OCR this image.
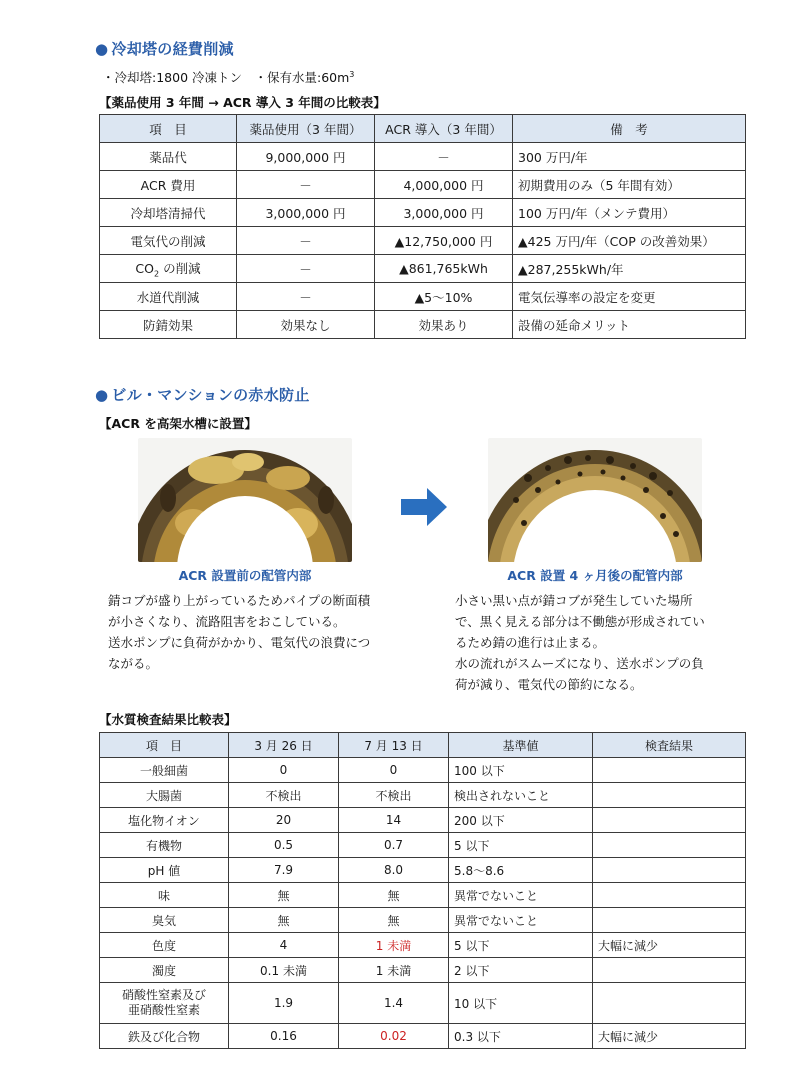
● 冷却塔の経費削減
・冷却塔:1800 冷凍トン　・保有水量$:60m^3$
【薬品使用 3 年間 → ACR 導入 3 年間の比較表】
項　目	薬品使用（3 年間）	ACR 導入（3 年間）	備　考
薬品代	9,000,000 円	－	300 万円/年
ACR 費用	－	4,000,000 円	初期費用のみ（5 年間有効）
冷却塔清掃代	3,000,000 円	3,000,000 円	100 万円/年（メンテ費用）
電気代の削減	－	▲12,750,000 円	▲425 万円/年（COP の改善効果）
$CO_2$ の削減	－	▲861,765kWh	▲287,255kWh/年
水道代削減	－	▲5～10%	電気伝導率の設定を変更
防錆効果	効果なし	効果あり	設備の延命メリット
● ビル・マンションの赤水防止
【ACR を高架水槽に設置】
ACR 設置前の配管内部	ACR 設置 4 ヶ月後の配管内部
錆コブが盛り上がっているためパイプの断面積
が小さくなり、流路阻害をおこしている。
送水ポンプに負荷がかかり、電気代の浪費につ
ながる。
小さい黒い点が錆コブが発生していた場所
で、黒く見える部分は不働態が形成されてい
るため錆の進行は止まる。
水の流れがスムーズになり、送水ポンプの負
荷が減り、電気代の節約になる。
【水質検査結果比較表】
項　目	3 月 26 日	7 月 13 日	基準値	検査結果
一般細菌	0	0	100 以下	
大腸菌	不検出	不検出	検出されないこと	
塩化物イオン	20	14	200 以下	
有機物	0.5	0.7	5 以下	
pH 値	7.9	8.0	5.8～8.6	
味	無	無	異常でないこと	
臭気	無	無	異常でないこと	
色度	4	1 未満	5 以下	大幅に減少
濁度	0.1 未満	1 未満	2 以下	
硝酸性窒素及び
亜硝酸性窒素	1.9	1.4	10 以下	
鉄及び化合物	0.16	0.02	0.3 以下	大幅に減少
